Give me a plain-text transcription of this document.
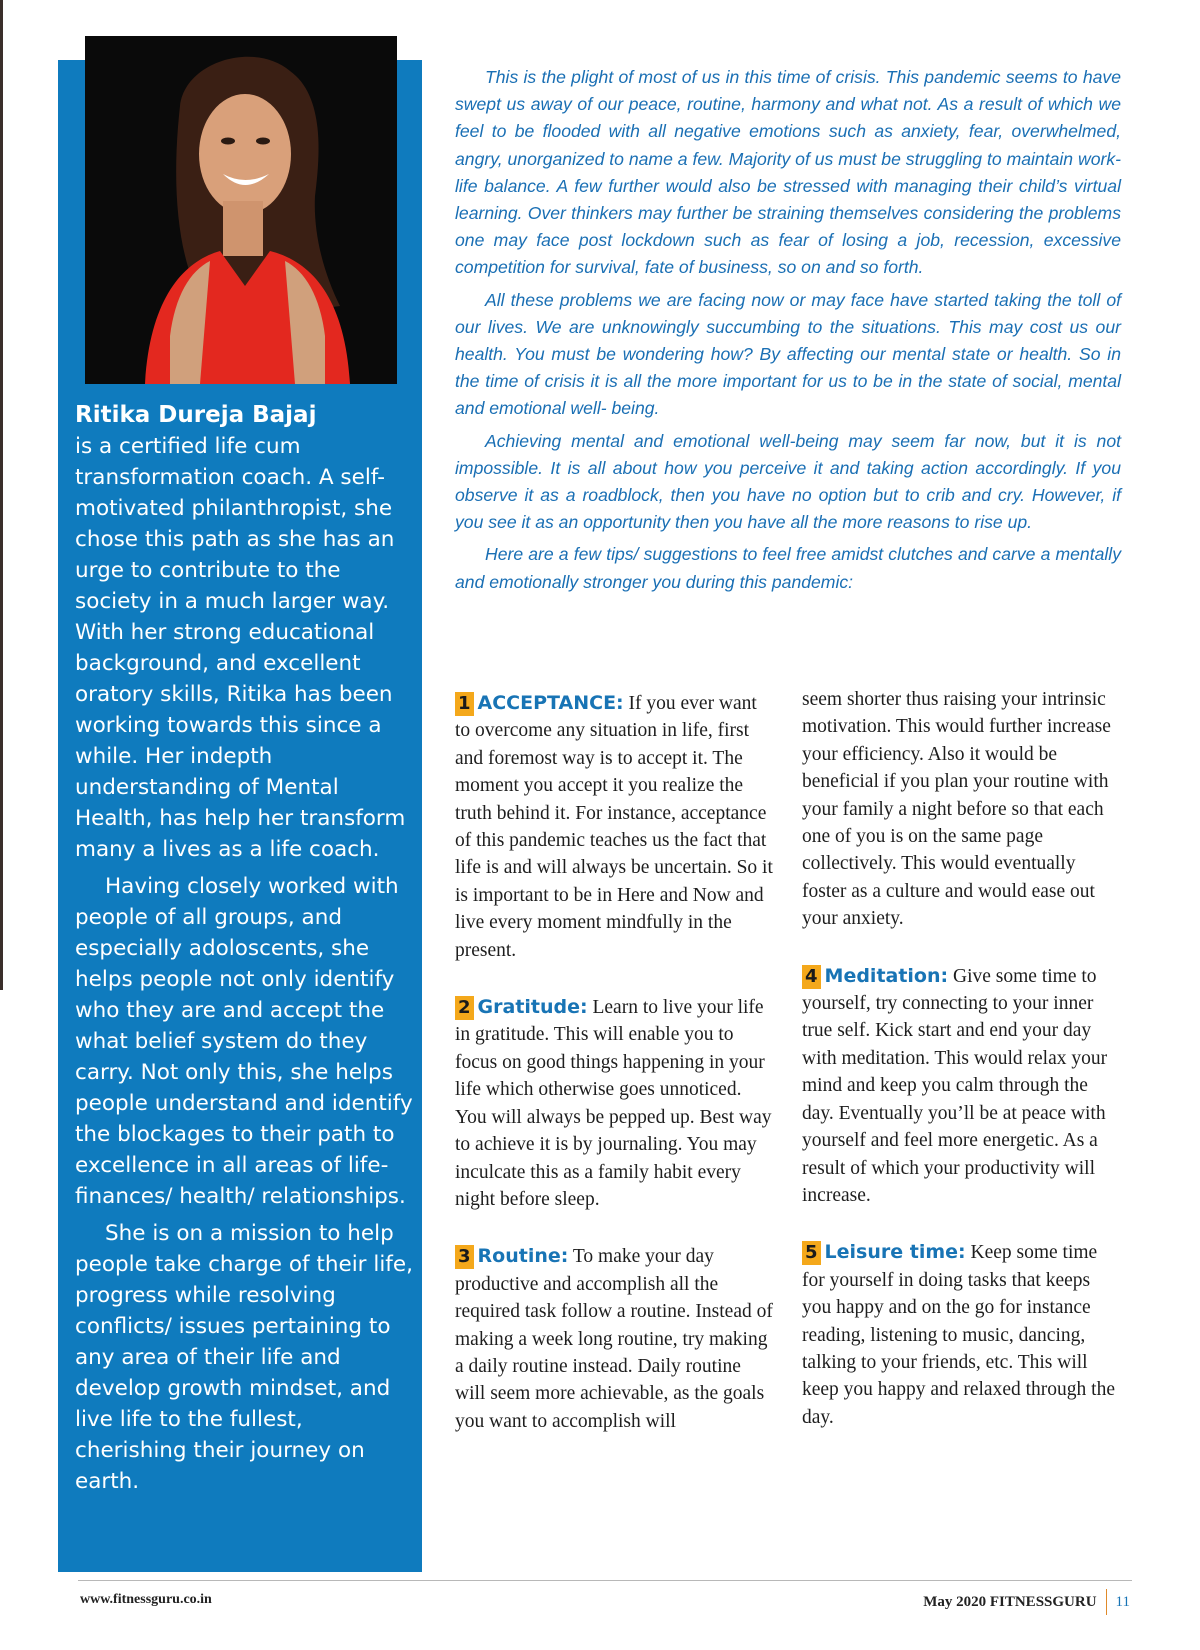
Ritika Dureja Bajaj

is a certified life cum transformation coach. A self-motivated philanthropist, she chose this path as she has an urge to contribute to the society in a much larger way. With her strong educational background, and excellent oratory skills, Ritika has been working towards this since a while. Her indepth understanding of Mental Health, has help her transform many a lives as a life coach.

Having closely worked with people of all groups, and especially adoloscents, she helps people not only identify who they are and accept the what belief system do they carry. Not only this, she helps people understand and identify the blockages to their path to excellence in all areas of life- finances/ health/ relationships.

She is on a mission to help people take charge of their life, progress while resolving conflicts/ issues pertaining to any area of their life and develop growth mindset, and live life to the fullest, cherishing their journey on earth.

This is the plight of most of us in this time of crisis. This pandemic seems to have swept us away of our peace, routine, harmony and what not. As a result of which we feel to be flooded with all negative emotions such as anxiety, fear, overwhelmed, angry, unorganized to name a few. Majority of us must be struggling to maintain work- life balance. A few further would also be stressed with managing their child’s virtual learning. Over thinkers may further be straining themselves considering the problems one may face post lockdown such as fear of losing a job, recession, excessive competition for survival, fate of business, so on and so forth.

All these problems we are facing now or may face have started taking the toll of our lives. We are unknowingly succumbing to the situations. This may cost us our health. You must be wondering how? By affecting our mental state or health. So in the time of crisis it is all the more important for us to be in the state of social, mental and emotional well- being.

Achieving mental and emotional well-being may seem far now, but it is not impossible. It is all about how you perceive it and taking action accordingly. If you observe it as a roadblock, then you have no option but to crib and cry. However, if you see it as an opportunity then you have all the more reasons to rise up.

Here are a few tips/ suggestions to feel free amidst clutches and carve a mentally and emotionally stronger you during this pandemic:

1 ACCEPTANCE: If you ever want to overcome any situation in life, first and foremost way is to accept it. The moment you accept it you realize the truth behind it. For instance, acceptance of this pandemic teaches us the fact that life is and will always be uncertain. So it is important to be in Here and Now and live every moment mindfully in the present.

2 Gratitude: Learn to live your life in gratitude. This will enable you to focus on good things happening in your life which otherwise goes unnoticed. You will always be pepped up. Best way to achieve it is by journaling. You may inculcate this as a family habit every night before sleep.

3 Routine: To make your day productive and accomplish all the required task follow a routine. Instead of making a week long routine, try making a daily routine instead. Daily routine will seem more achievable, as the goals you want to accomplish will

seem shorter thus raising your intrinsic motivation. This would further increase your efficiency. Also it would be beneficial if you plan your routine with your family a night before so that each one of you is on the same page collectively. This would eventually foster as a culture and would ease out your anxiety.

4 Meditation: Give some time to yourself, try connecting to your inner true self. Kick start and end your day with meditation. This would relax your mind and keep you calm through the day. Eventually you’ll be at peace with yourself and feel more energetic. As a result of which your productivity will increase.

5 Leisure time: Keep some time for yourself in doing tasks that keeps you happy and on the go for instance reading, listening to music, dancing, talking to your friends, etc. This will keep you happy and relaxed through the day.

www.fitnessguru.co.in	May 2020 FITNESSGURU 11
